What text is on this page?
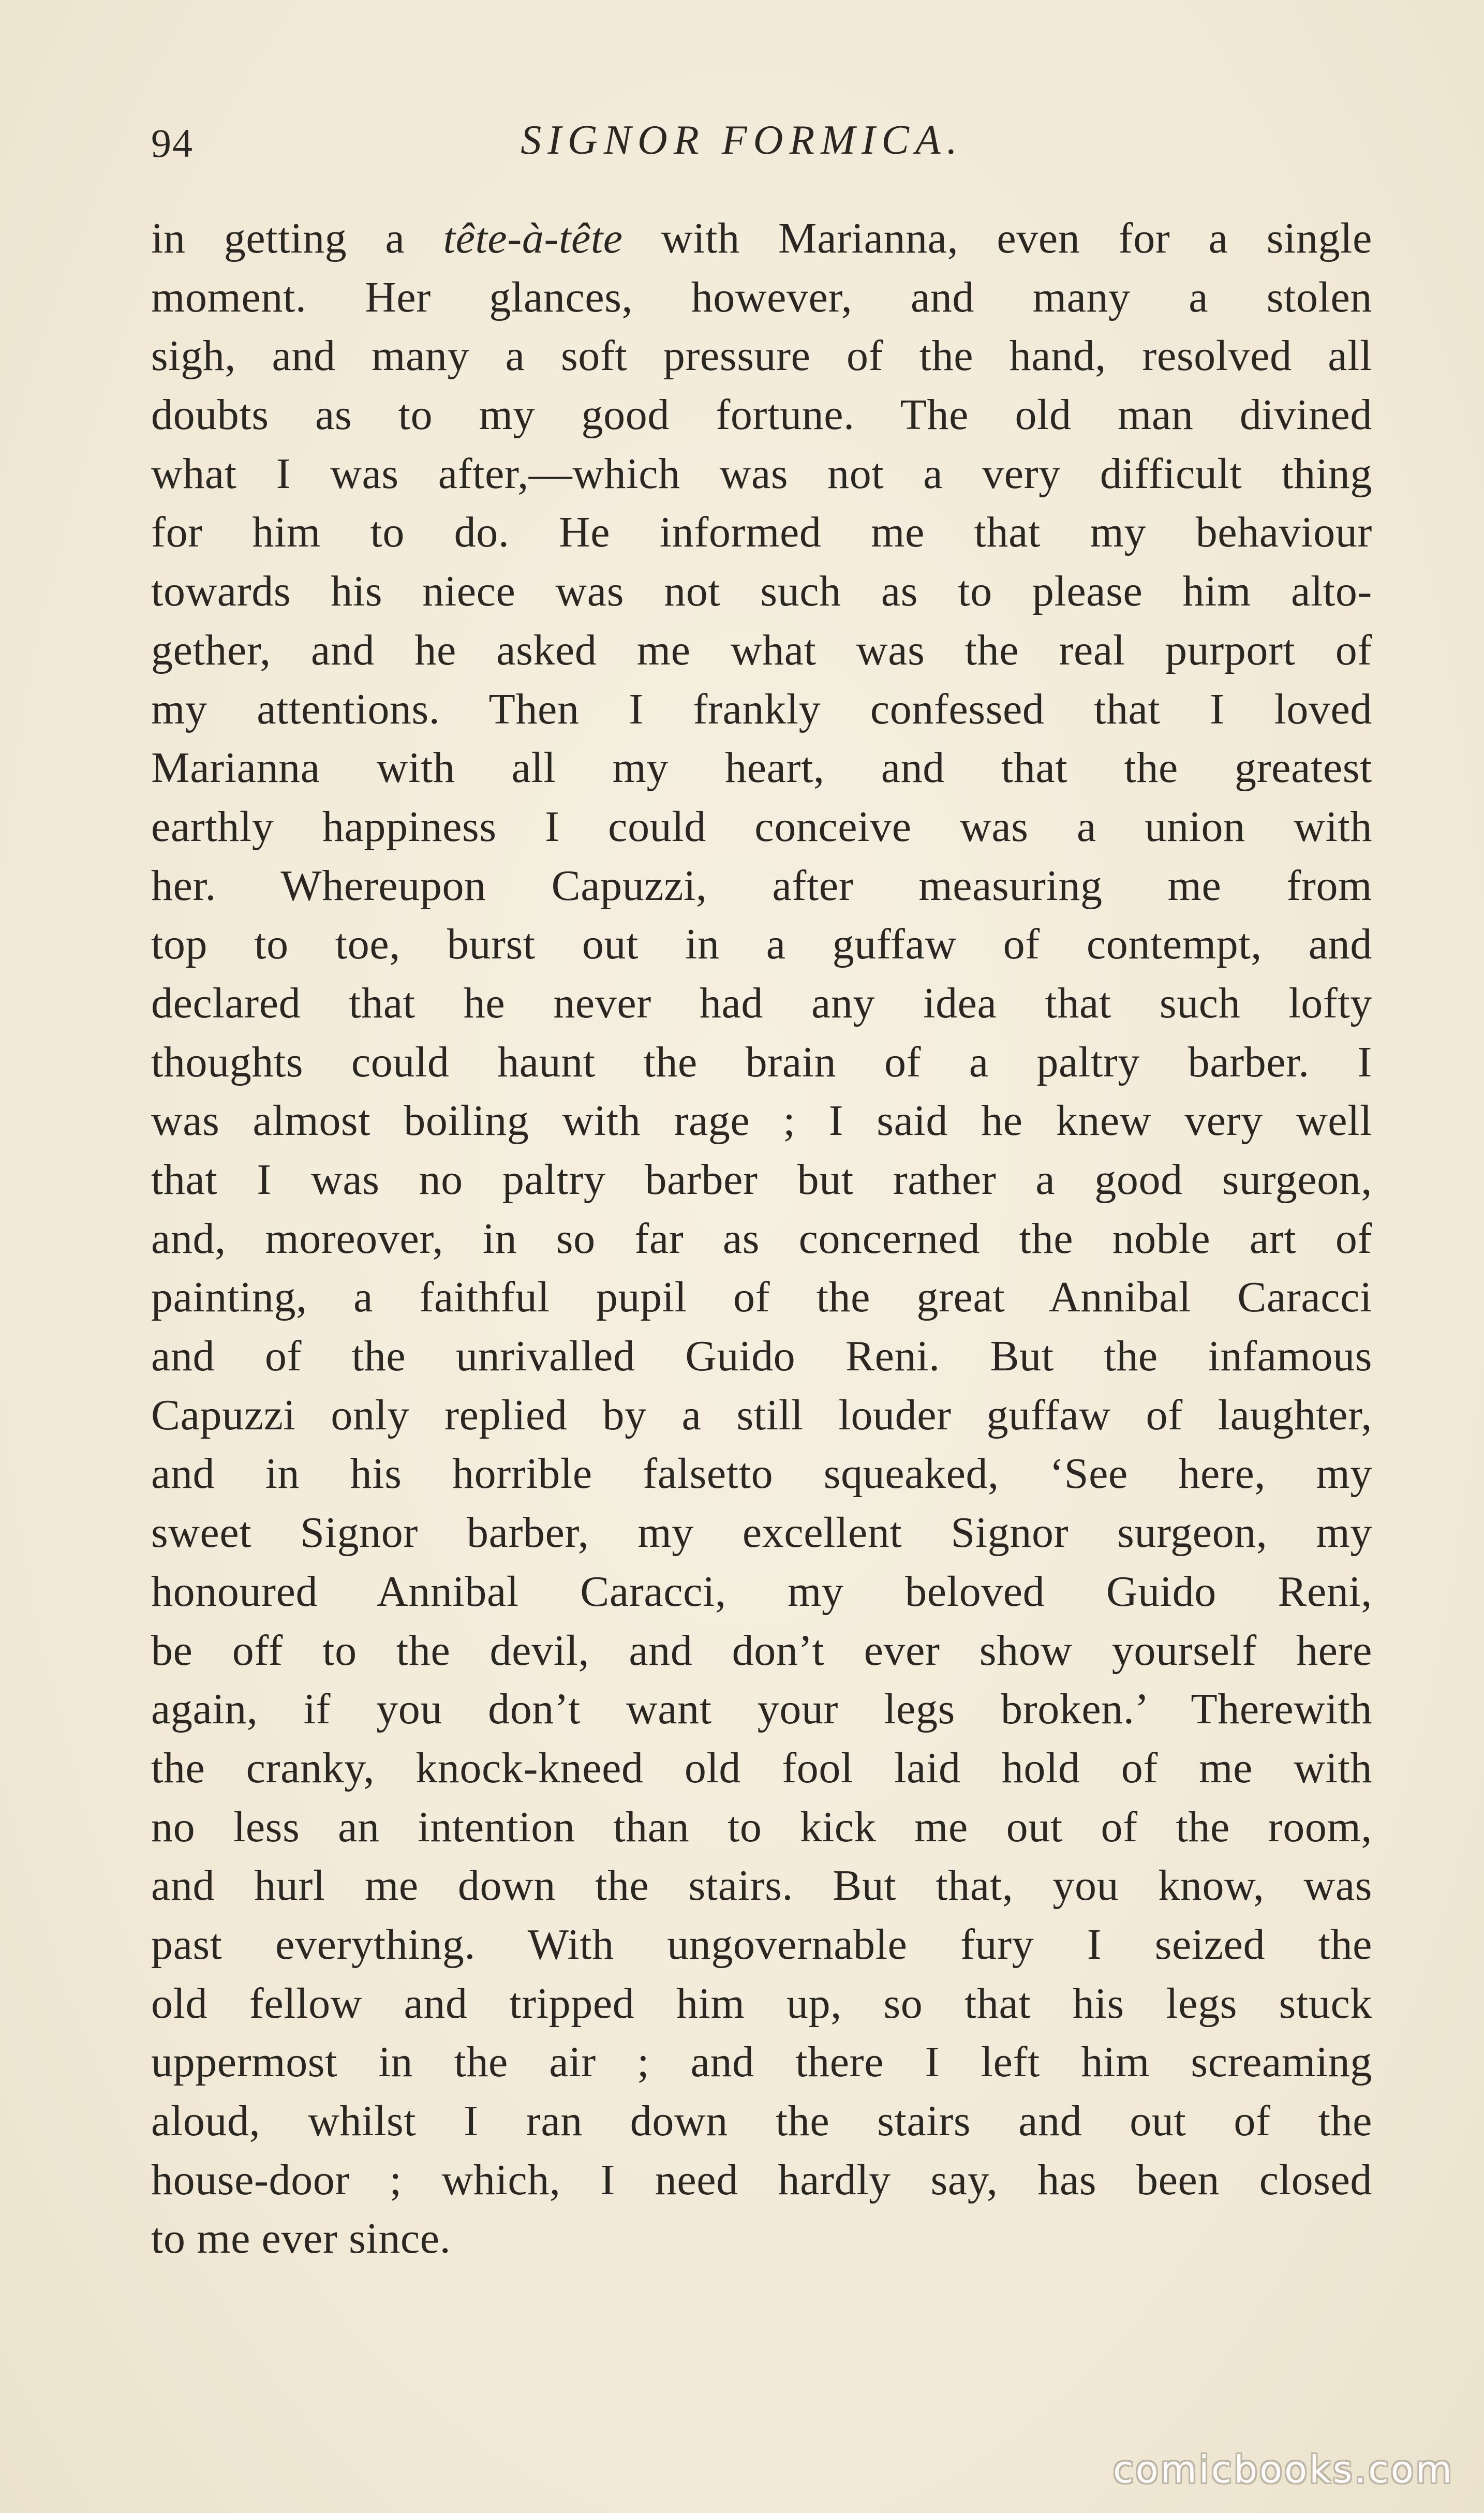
94	SIGNOR FORMICA.
in getting a tête-à-tête with Marianna, even for a single
moment. Her glances, however, and many a stolen
sigh, and many a soft pressure of the hand, resolved all
doubts as to my good fortune. The old man divined
what I was after,—which was not a very difficult thing
for him to do. He informed me that my behaviour
towards his niece was not such as to please him alto-
gether, and he asked me what was the real purport of
my attentions. Then I frankly confessed that I loved
Marianna with all my heart, and that the greatest
earthly happiness I could conceive was a union with
her. Whereupon Capuzzi, after measuring me from
top to toe, burst out in a guffaw of contempt, and
declared that he never had any idea that such lofty
thoughts could haunt the brain of a paltry barber. I
was almost boiling with rage ; I said he knew very well
that I was no paltry barber but rather a good surgeon,
and, moreover, in so far as concerned the noble art of
painting, a faithful pupil of the great Annibal Caracci
and of the unrivalled Guido Reni. But the infamous
Capuzzi only replied by a still louder guffaw of laughter,
and in his horrible falsetto squeaked, ‘See here, my
sweet Signor barber, my excellent Signor surgeon, my
honoured Annibal Caracci, my beloved Guido Reni,
be off to the devil, and don’t ever show yourself here
again, if you don’t want your legs broken.’ Therewith
the cranky, knock-kneed old fool laid hold of me with
no less an intention than to kick me out of the room,
and hurl me down the stairs. But that, you know, was
past everything. With ungovernable fury I seized the
old fellow and tripped him up, so that his legs stuck
uppermost in the air ; and there I left him screaming
aloud, whilst I ran down the stairs and out of the
house-door ; which, I need hardly say, has been closed
to me ever since.
comicbooks.com
